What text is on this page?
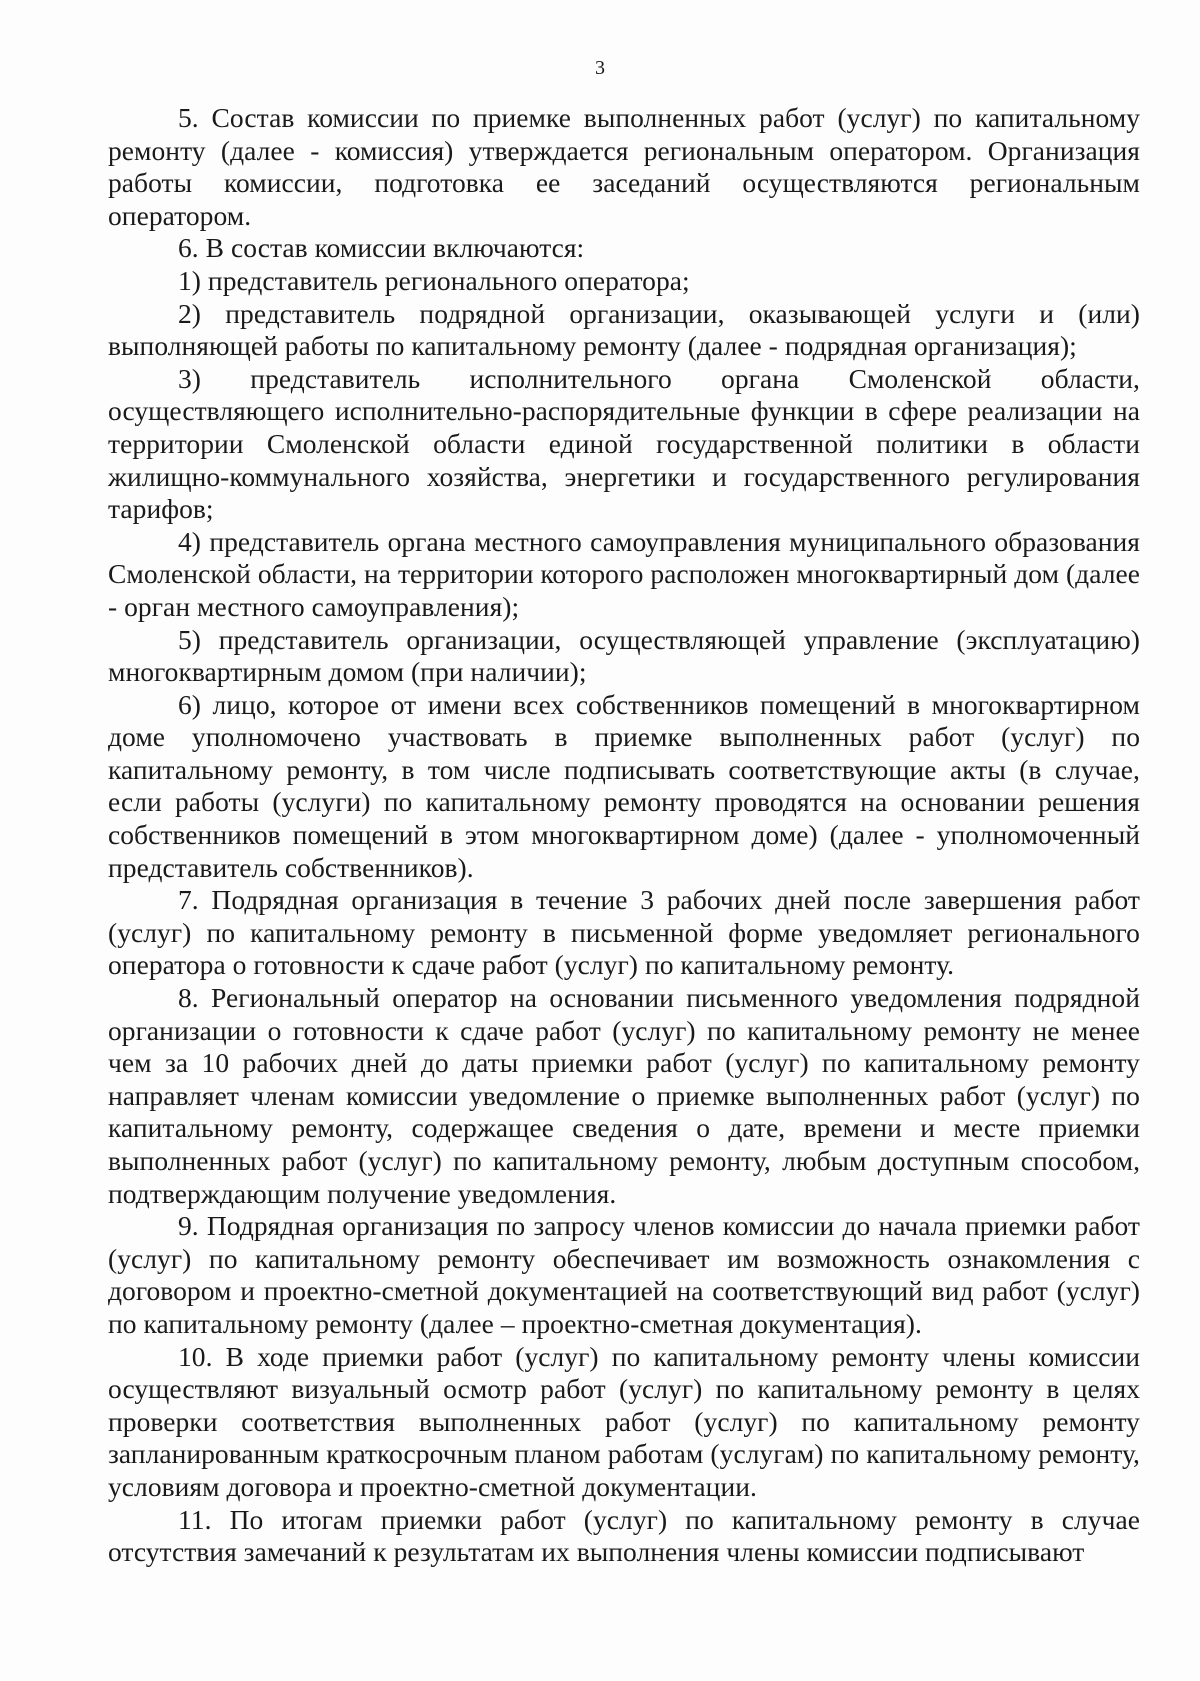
3

5. Состав комиссии по приемке выполненных работ (услуг) по капитальному ремонту (далее - комиссия) утверждается региональным оператором. Организация работы комиссии, подготовка ее заседаний осуществляются региональным оператором.

6. В состав комиссии включаются:

1) представитель регионального оператора;

2) представитель подрядной организации, оказывающей услуги и (или) выполняющей работы по капитальному ремонту (далее - подрядная организация);

3) представитель исполнительного органа Смоленской области, осуществляющего исполнительно-распорядительные функции в сфере реализации на территории Смоленской области единой государственной политики в области жилищно-коммунального хозяйства, энергетики и государственного регулирования тарифов;

4) представитель органа местного самоуправления муниципального образования Смоленской области, на территории которого расположен многоквартирный дом (далее - орган местного самоуправления);

5) представитель организации, осуществляющей управление (эксплуатацию) многоквартирным домом (при наличии);

6) лицо, которое от имени всех собственников помещений в многоквартирном доме уполномочено участвовать в приемке выполненных работ (услуг) по капитальному ремонту, в том числе подписывать соответствующие акты (в случае, если работы (услуги) по капитальному ремонту проводятся на основании решения собственников помещений в этом многоквартирном доме) (далее - уполномоченный представитель собственников).

7. Подрядная организация в течение 3 рабочих дней после завершения работ (услуг) по капитальному ремонту в письменной форме уведомляет регионального оператора о готовности к сдаче работ (услуг) по капитальному ремонту.

8. Региональный оператор на основании письменного уведомления подрядной организации о готовности к сдаче работ (услуг) по капитальному ремонту не менее чем за 10 рабочих дней до даты приемки работ (услуг) по капитальному ремонту направляет членам комиссии уведомление о приемке выполненных работ (услуг) по капитальному ремонту, содержащее сведения о дате, времени и месте приемки выполненных работ (услуг) по капитальному ремонту, любым доступным способом, подтверждающим получение уведомления.

9. Подрядная организация по запросу членов комиссии до начала приемки работ (услуг) по капитальному ремонту обеспечивает им возможность ознакомления с договором и проектно-сметной документацией на соответствующий вид работ (услуг) по капитальному ремонту (далее – проектно-сметная документация).

10. В ходе приемки работ (услуг) по капитальному ремонту члены комиссии осуществляют визуальный осмотр работ (услуг) по капитальному ремонту в целях проверки соответствия выполненных работ (услуг) по капитальному ремонту запланированным краткосрочным планом работам (услугам) по капитальному ремонту, условиям договора и проектно-сметной документации.

11. По итогам приемки работ (услуг) по капитальному ремонту в случае отсутствия замечаний к результатам их выполнения члены комиссии подписывают
